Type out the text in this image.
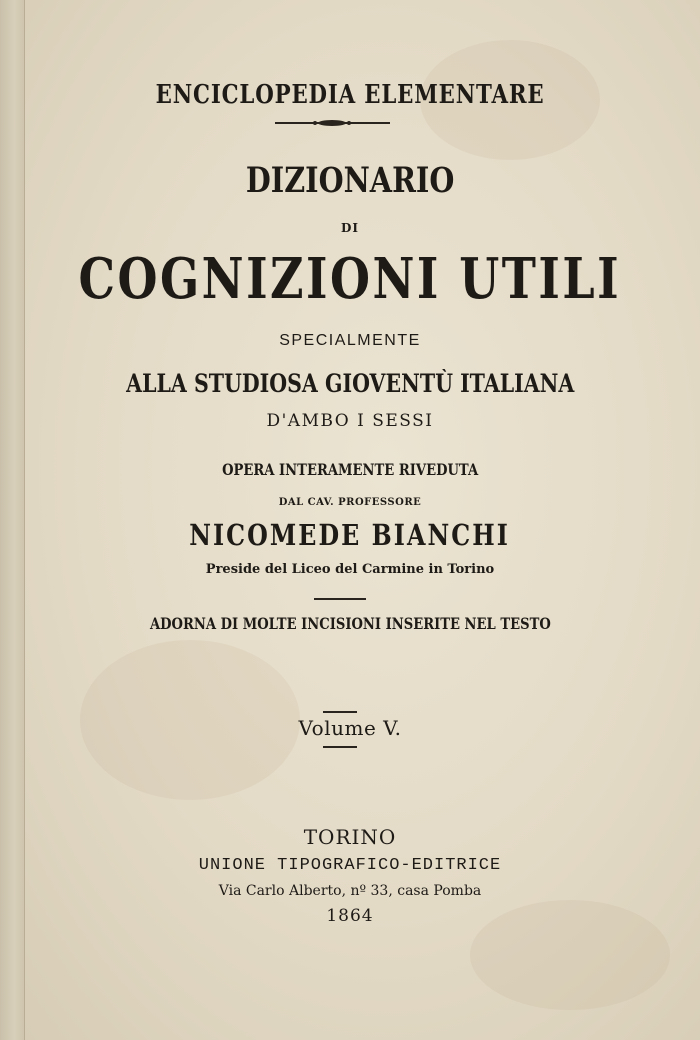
ENCICLOPEDIA ELEMENTARE
DIZIONARIO
DI
COGNIZIONI UTILI
SPECIALMENTE
ALLA STUDIOSA GIOVENTÙ ITALIANA
D'AMBO I SESSI
OPERA INTERAMENTE RIVEDUTA
DAL CAV. PROFESSORE
NICOMEDE BIANCHI
Preside del Liceo del Carmine in Torino
ADORNA DI MOLTE INCISIONI INSERITE NEL TESTO
Volume V.
TORINO
UNIONE TIPOGRAFICO-EDITRICE
Via Carlo Alberto, nº 33, casa Pomba
1864
